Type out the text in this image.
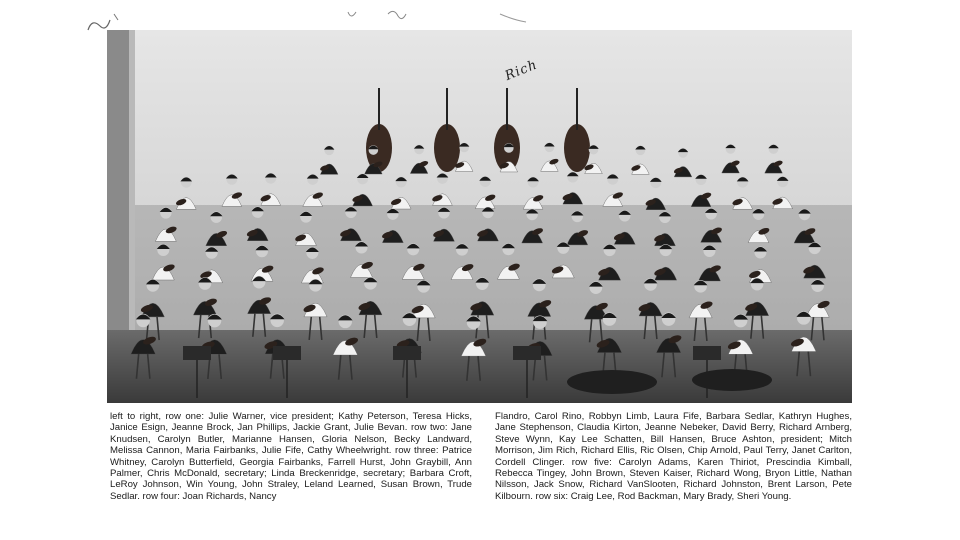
Rich

left to right, row one: Julie Warner, vice president; Kathy Peterson, Teresa Hicks, Janice Esign, Jeanne Brock, Jan Phillips, Jackie Grant, Julie Bevan. row two: Jane Knudsen, Carolyn Butler, Marianne Hansen, Gloria Nelson, Becky Landward, Melissa Cannon, Maria Fairbanks, Julie Fife, Cathy Wheelwright. row three: Patrice Whitney, Carolyn Butterfield, Georgia Fairbanks, Farrell Hurst, John Graybill, Ann Palmer, Chris McDonald, secretary; Linda Breckenridge, secretary; Barbara Croft, LeRoy Johnson, Win Young, John Straley, Leland Learned, Susan Brown, Trude Sedlar. row four: Joan Richards, Nancy

Flandro, Carol Rino, Robbyn Limb, Laura Fife, Barbara Sedlar, Kathryn Hughes, Jane Stephenson, Claudia Kirton, Jeanne Nebeker, David Berry, Richard Arnberg, Steve Wynn, Kay Lee Schatten, Bill Hansen, Bruce Ashton, president; Mitch Morrison, Jim Rich, Richard Ellis, Ric Olsen, Chip Arnold, Paul Terry, Janet Carlton, Cordell Clinger. row five: Carolyn Adams, Karen Thiriot, Prescindia Kimball, Rebecca Tingey, John Brown, Steven Kaiser, Richard Wong, Bryon Little, Nathan Nilsson, Jack Snow, Richard VanSlooten, Richard Johnston, Brent Larson, Pete Kilbourn. row six: Craig Lee, Rod Backman, Mary Brady, Sheri Young.
